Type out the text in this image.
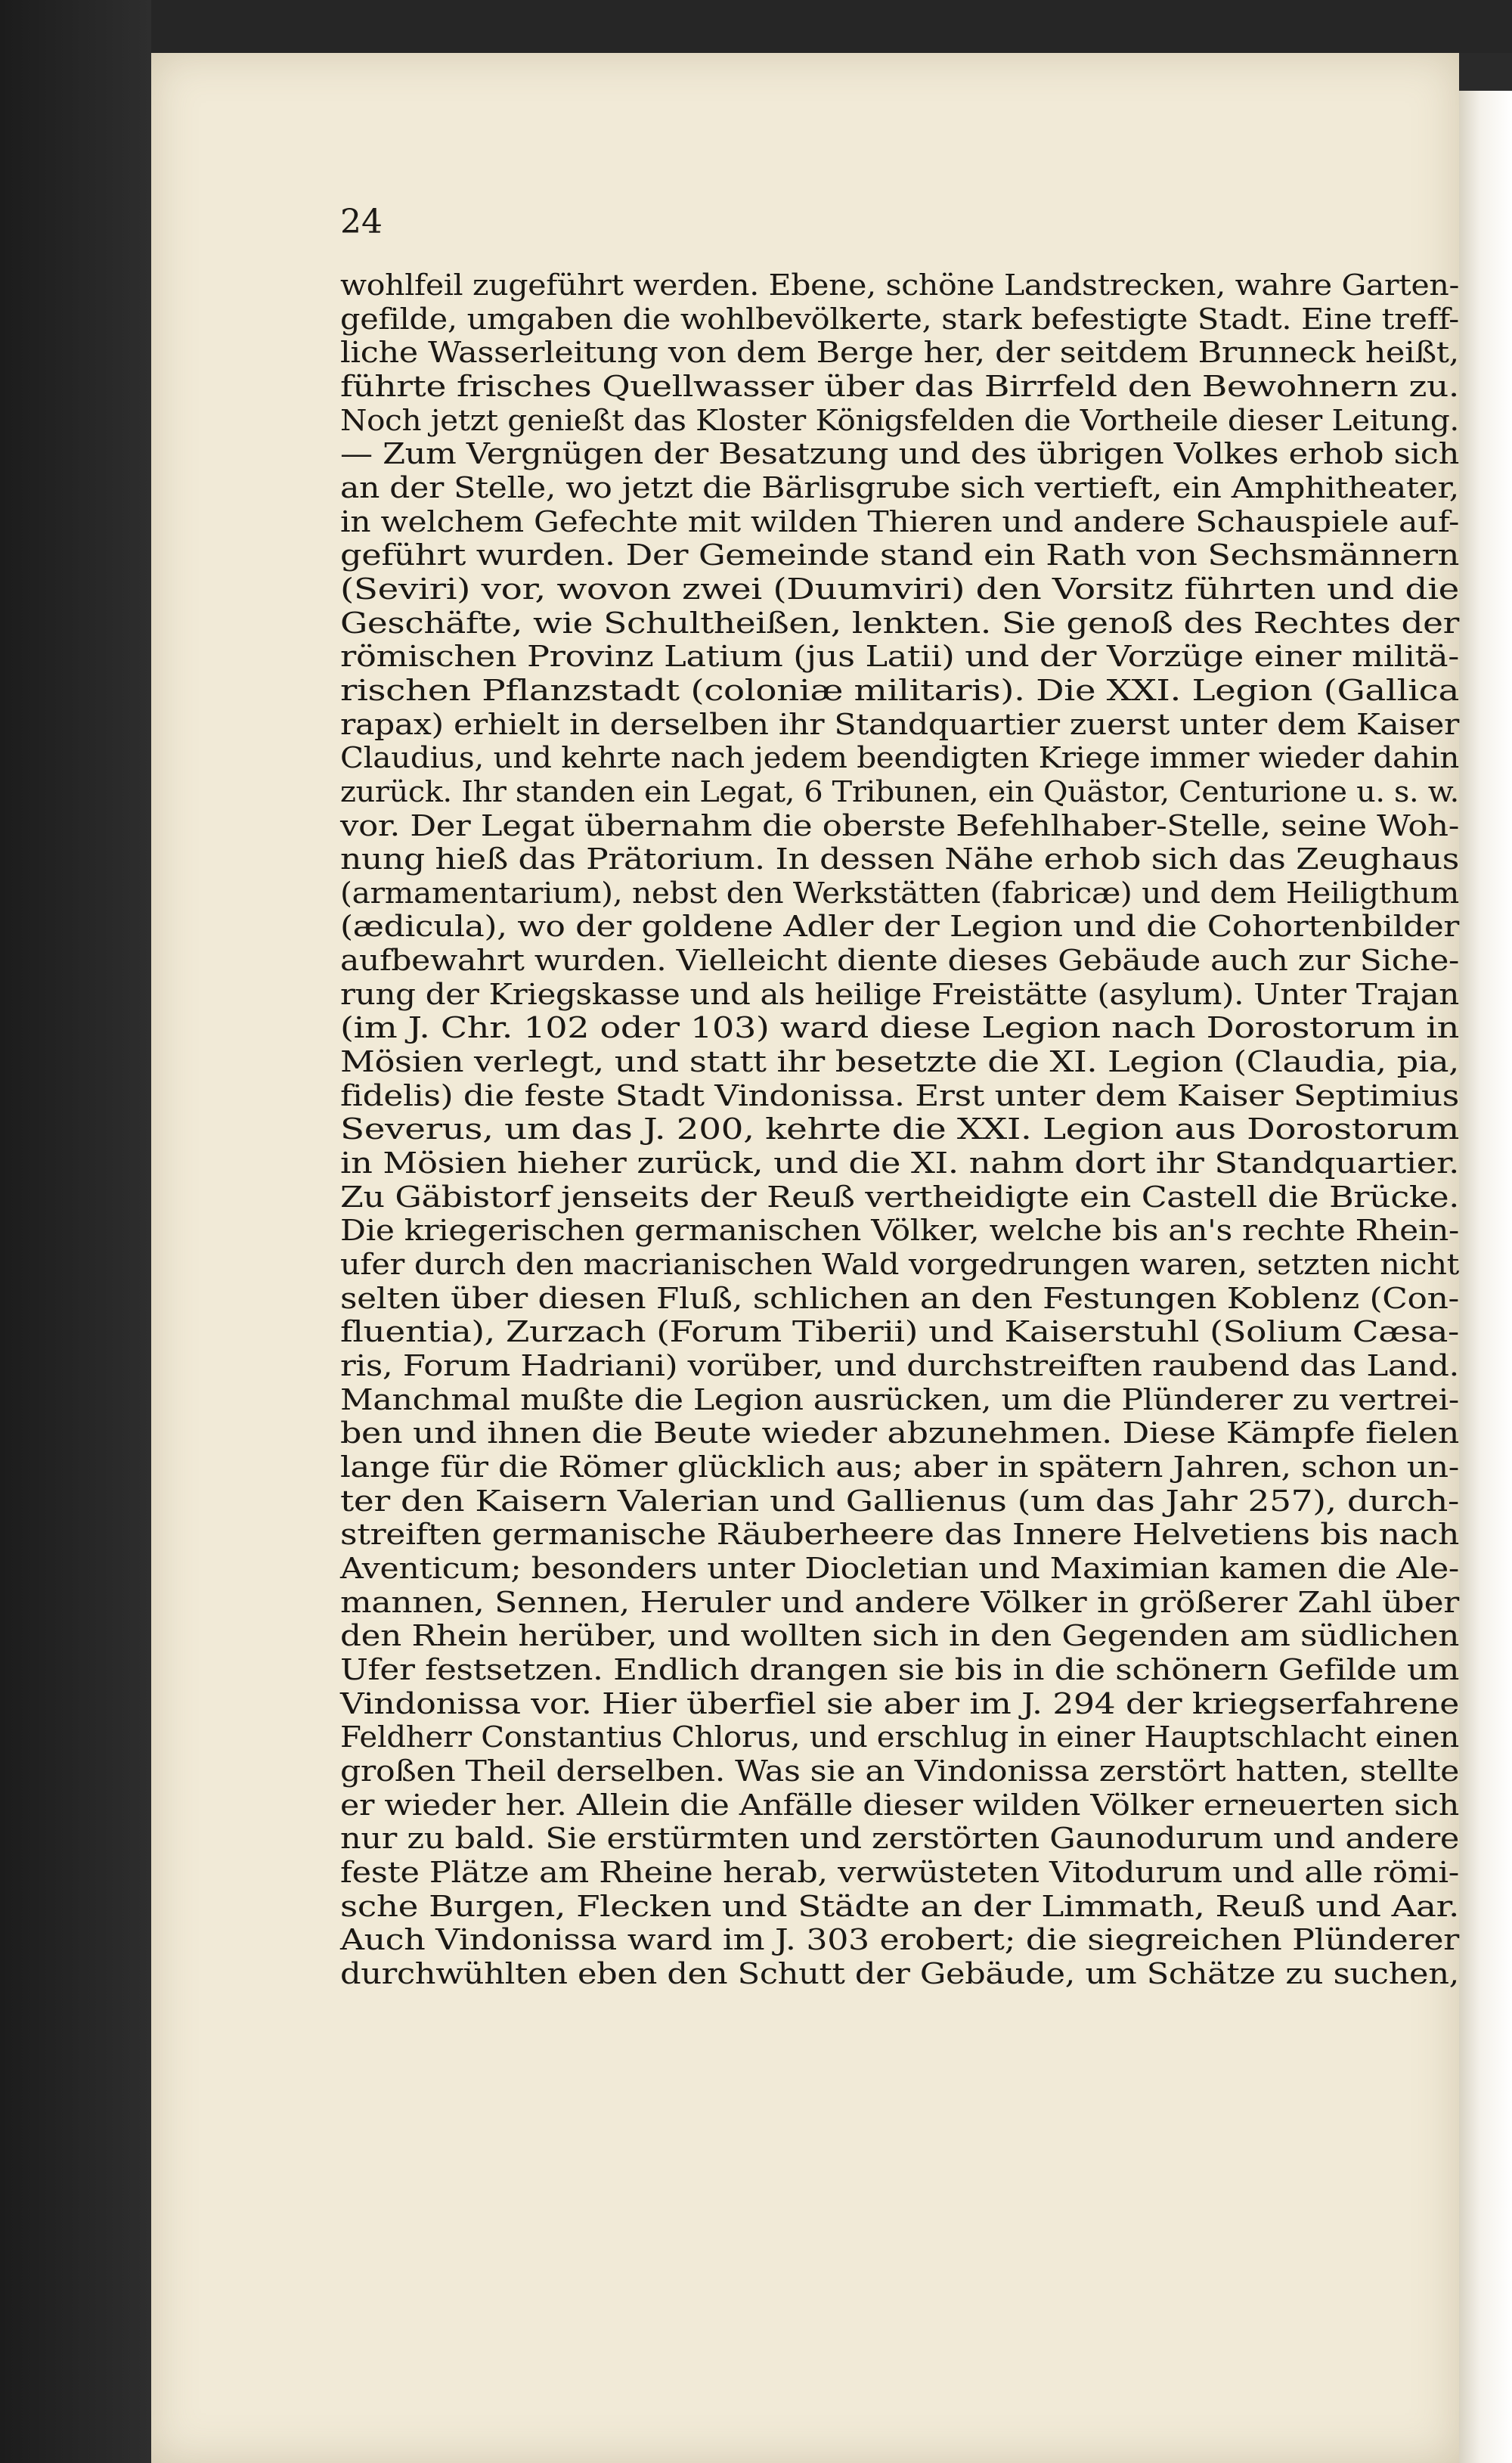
24
wohlfeil zugeführt werden. Ebene, schöne Landstrecken, wahre Garten-
gefilde, umgaben die wohlbevölkerte, stark befestigte Stadt. Eine treff-
liche Wasserleitung von dem Berge her, der seitdem Brunneck heißt,
führte frisches Quellwasser über das Birrfeld den Bewohnern zu.
Noch jetzt genießt das Kloster Königsfelden die Vortheile dieser Leitung.
— Zum Vergnügen der Besatzung und des übrigen Volkes erhob sich
an der Stelle, wo jetzt die Bärlisgrube sich vertieft, ein Amphitheater,
in welchem Gefechte mit wilden Thieren und andere Schauspiele auf-
geführt wurden. Der Gemeinde stand ein Rath von Sechsmännern
(Seviri) vor, wovon zwei (Duumviri) den Vorsitz führten und die
Geschäfte, wie Schultheißen, lenkten. Sie genoß des Rechtes der
römischen Provinz Latium (jus Latii) und der Vorzüge einer militä-
rischen Pflanzstadt (coloniæ militaris). Die XXI. Legion (Gallica
rapax) erhielt in derselben ihr Standquartier zuerst unter dem Kaiser
Claudius, und kehrte nach jedem beendigten Kriege immer wieder dahin
zurück. Ihr standen ein Legat, 6 Tribunen, ein Quästor, Centurione u. s. w.
vor. Der Legat übernahm die oberste Befehlhaber-Stelle, seine Woh-
nung hieß das Prätorium. In dessen Nähe erhob sich das Zeughaus
(armamentarium), nebst den Werkstätten (fabricæ) und dem Heiligthum
(ædicula), wo der goldene Adler der Legion und die Cohortenbilder
aufbewahrt wurden. Vielleicht diente dieses Gebäude auch zur Siche-
rung der Kriegskasse und als heilige Freistätte (asylum). Unter Trajan
(im J. Chr. 102 oder 103) ward diese Legion nach Dorostorum in
Mösien verlegt, und statt ihr besetzte die XI. Legion (Claudia, pia,
fidelis) die feste Stadt Vindonissa. Erst unter dem Kaiser Septimius
Severus, um das J. 200, kehrte die XXI. Legion aus Dorostorum
in Mösien hieher zurück, und die XI. nahm dort ihr Standquartier.
Zu Gäbistorf jenseits der Reuß vertheidigte ein Castell die Brücke.
Die kriegerischen germanischen Völker, welche bis an's rechte Rhein-
ufer durch den macrianischen Wald vorgedrungen waren, setzten nicht
selten über diesen Fluß, schlichen an den Festungen Koblenz (Con-
fluentia), Zurzach (Forum Tiberii) und Kaiserstuhl (Solium Cæsa-
ris, Forum Hadriani) vorüber, und durchstreiften raubend das Land.
Manchmal mußte die Legion ausrücken, um die Plünderer zu vertrei-
ben und ihnen die Beute wieder abzunehmen. Diese Kämpfe fielen
lange für die Römer glücklich aus; aber in spätern Jahren, schon un-
ter den Kaisern Valerian und Gallienus (um das Jahr 257), durch-
streiften germanische Räuberheere das Innere Helvetiens bis nach
Aventicum; besonders unter Diocletian und Maximian kamen die Ale-
mannen, Sennen, Heruler und andere Völker in größerer Zahl über
den Rhein herüber, und wollten sich in den Gegenden am südlichen
Ufer festsetzen. Endlich drangen sie bis in die schönern Gefilde um
Vindonissa vor. Hier überfiel sie aber im J. 294 der kriegserfahrene
Feldherr Constantius Chlorus, und erschlug in einer Hauptschlacht einen
großen Theil derselben. Was sie an Vindonissa zerstört hatten, stellte
er wieder her. Allein die Anfälle dieser wilden Völker erneuerten sich
nur zu bald. Sie erstürmten und zerstörten Gaunodurum und andere
feste Plätze am Rheine herab, verwüsteten Vitodurum und alle römi-
sche Burgen, Flecken und Städte an der Limmath, Reuß und Aar.
Auch Vindonissa ward im J. 303 erobert; die siegreichen Plünderer
durchwühlten eben den Schutt der Gebäude, um Schätze zu suchen,
